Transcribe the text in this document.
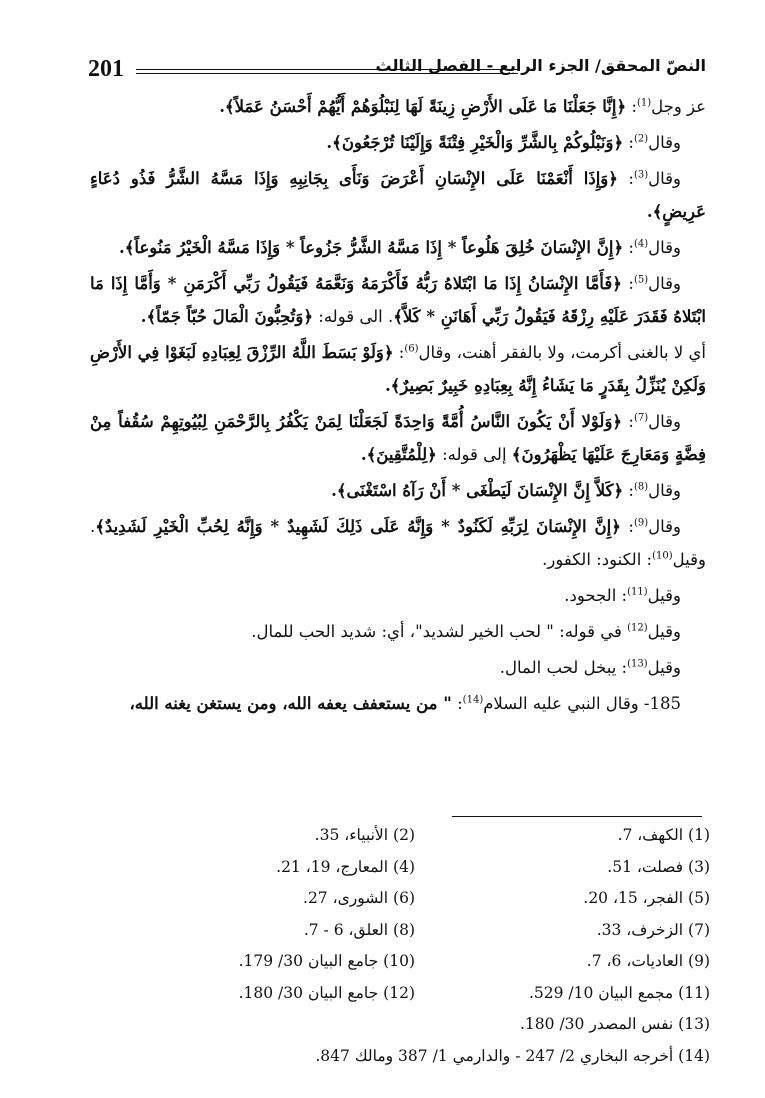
201	النصّ المحقق/ الجزء الرابع - الفصل الثالث

عز وجل$^{(1)}$: ﴿إِنَّا جَعَلْنَا مَا عَلَى الأَرْضِ زِينَةً لَهَا لِنَبْلُوَهُمْ أَيُّهُمْ أَحْسَنُ عَمَلاً﴾.

وقال$^{(2)}$: ﴿وَنَبْلُوكُمْ بِالشَّرِّ وَالْخَيْرِ فِتْنَةً وَإِلَيْنَا تُرْجَعُونَ﴾.

وقال$^{(3)}$: ﴿وَإِذَا أَنْعَمْنَا عَلَى الإِنْسَانِ أَعْرَضَ وَنَأَى بِجَانِبِهِ وَإِذَا مَسَّهُ الشَّرُّ فَذُو دُعَاءٍ عَرِيضٍ﴾.

وقال$^{(4)}$: ﴿إِنَّ الإِنْسَانَ خُلِقَ هَلُوعاً * إِذَا مَسَّهُ الشَّرُّ جَزُوعاً * وَإِذَا مَسَّهُ الْخَيْرُ مَنُوعاً﴾.

وقال$^{(5)}$: ﴿فَأَمَّا الإِنْسَانُ إِذَا مَا ابْتَلاهُ رَبُّهُ فَأَكْرَمَهُ وَنَعَّمَهُ فَيَقُولُ رَبِّي أَكْرَمَنِ * وَأَمَّا إِذَا مَا ابْتَلاهُ فَقَدَرَ عَلَيْهِ رِزْقَهُ فَيَقُولُ رَبِّي أَهَانَنِ * كَلاَّ﴾. الى قوله: ﴿وَتُحِبُّونَ الْمَالَ حُبّاً جَمّاً﴾.

أي لا بالغنى أكرمت، ولا بالفقر أهنت، وقال$^{(6)}$: ﴿وَلَوْ بَسَطَ اللَّهُ الرِّزْقَ لِعِبَادِهِ لَبَغَوْا فِي الأَرْضِ وَلَكِنْ يُنَزِّلُ بِقَدَرٍ مَا يَشَاءُ إِنَّهُ بِعِبَادِهِ خَبِيرٌ بَصِيرٌ﴾.

وقال$^{(7)}$: ﴿وَلَوْلا أَنْ يَكُونَ النَّاسُ أُمَّةً وَاحِدَةً لَجَعَلْنَا لِمَنْ يَكْفُرُ بِالرَّحْمَنِ لِبُيُوتِهِمْ سُقُفاً مِنْ فِضَّةٍ وَمَعَارِجَ عَلَيْهَا يَظْهَرُونَ﴾ إلى قوله: ﴿لِلْمُتَّقِينَ﴾.

وقال$^{(8)}$: ﴿كَلاَّ إِنَّ الإِنْسَانَ لَيَطْغَى * أَنْ رَآهُ اسْتَغْنَى﴾.

وقال$^{(9)}$: ﴿إِنَّ الإِنْسَانَ لِرَبِّهِ لَكَنُودٌ * وَإِنَّهُ عَلَى ذَلِكَ لَشَهِيدٌ * وَإِنَّهُ لِحُبِّ الْخَيْرِ لَشَدِيدٌ﴾. وقيل$^{(10)}$: الكنود: الكفور.

وقيل$^{(11)}$: الجحود.

وقيل$^{(12)}$ في قوله: " لحب الخير لشديد"، أي: شديد الحب للمال.

وقيل$^{(13)}$: يبخل لحب المال.

185- وقال النبي عليه السلام$^{(14)}$: " من يستعفف يعفه الله، ومن يستغن يغنه الله،

(1) الكهف، 7.
(2) الأنبياء، 35.
(3) فصلت، 51.
(4) المعارج، 19، 21.
(5) الفجر، 15، 20.
(6) الشورى، 27.
(7) الزخرف، 33.
(8) العلق، 6 - 7.
(9) العاديات، 6، 7.
(10) جامع البيان 30/ 179.
(11) مجمع البيان 10/ 529.
(12) جامع البيان 30/ 180.
(13) نفس المصدر 30/ 180.
(14) أخرجه البخاري 2/ 247 - والدارمي 1/ 387 ومالك 847.
